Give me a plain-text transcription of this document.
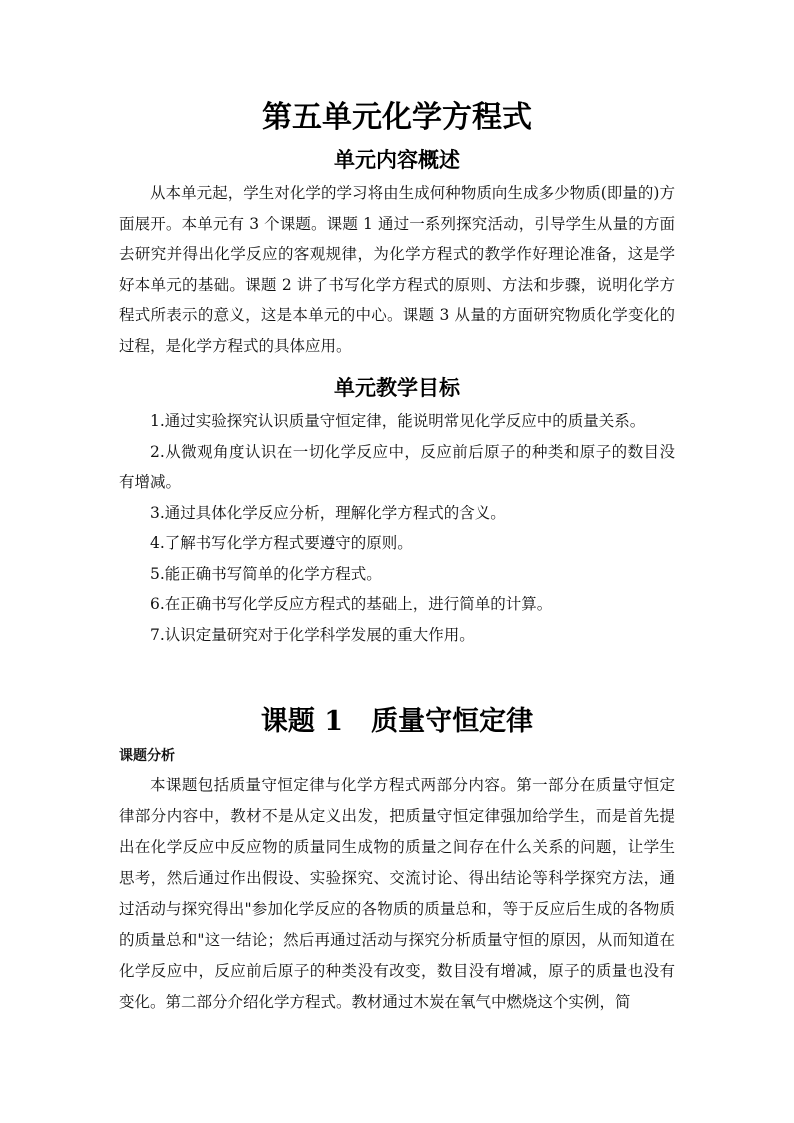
第五单元化学方程式
单元内容概述

从本单元起，学生对化学的学习将由生成何种物质向生成多少物质(即量的)方面展开。本单元有 3 个课题。课题 1 通过一系列探究活动，引导学生从量的方面去研究并得出化学反应的客观规律，为化学方程式的教学作好理论准备，这是学好本单元的基础。课题 2 讲了书写化学方程式的原则、方法和步骤，说明化学方程式所表示的意义，这是本单元的中心。课题 3 从量的方面研究物质化学变化的过程，是化学方程式的具体应用。

单元教学目标
1.通过实验探究认识质量守恒定律，能说明常见化学反应中的质量关系。
2.从微观角度认识在一切化学反应中，反应前后原子的种类和原子的数目没有增减。
3.通过具体化学反应分析，理解化学方程式的含义。
4.了解书写化学方程式要遵守的原则。
5.能正确书写简单的化学方程式。
6.在正确书写化学反应方程式的基础上，进行简单的计算。
7.认识定量研究对于化学科学发展的重大作用。
课题 1 质量守恒定律
课题分析

本课题包括质量守恒定律与化学方程式两部分内容。第一部分在质量守恒定律部分内容中，教材不是从定义出发，把质量守恒定律强加给学生，而是首先提出在化学反应中反应物的质量同生成物的质量之间存在什么关系的问题，让学生思考，然后通过作出假设、实验探究、交流讨论、得出结论等科学探究方法，通过活动与探究得出"参加化学反应的各物质的质量总和，等于反应后生成的各物质的质量总和"这一结论；然后再通过活动与探究分析质量守恒的原因，从而知道在化学反应中，反应前后原子的种类没有改变，数目没有增减，原子的质量也没有变化。第二部分介绍化学方程式。教材通过木炭在氧气中燃烧这个实例，简
